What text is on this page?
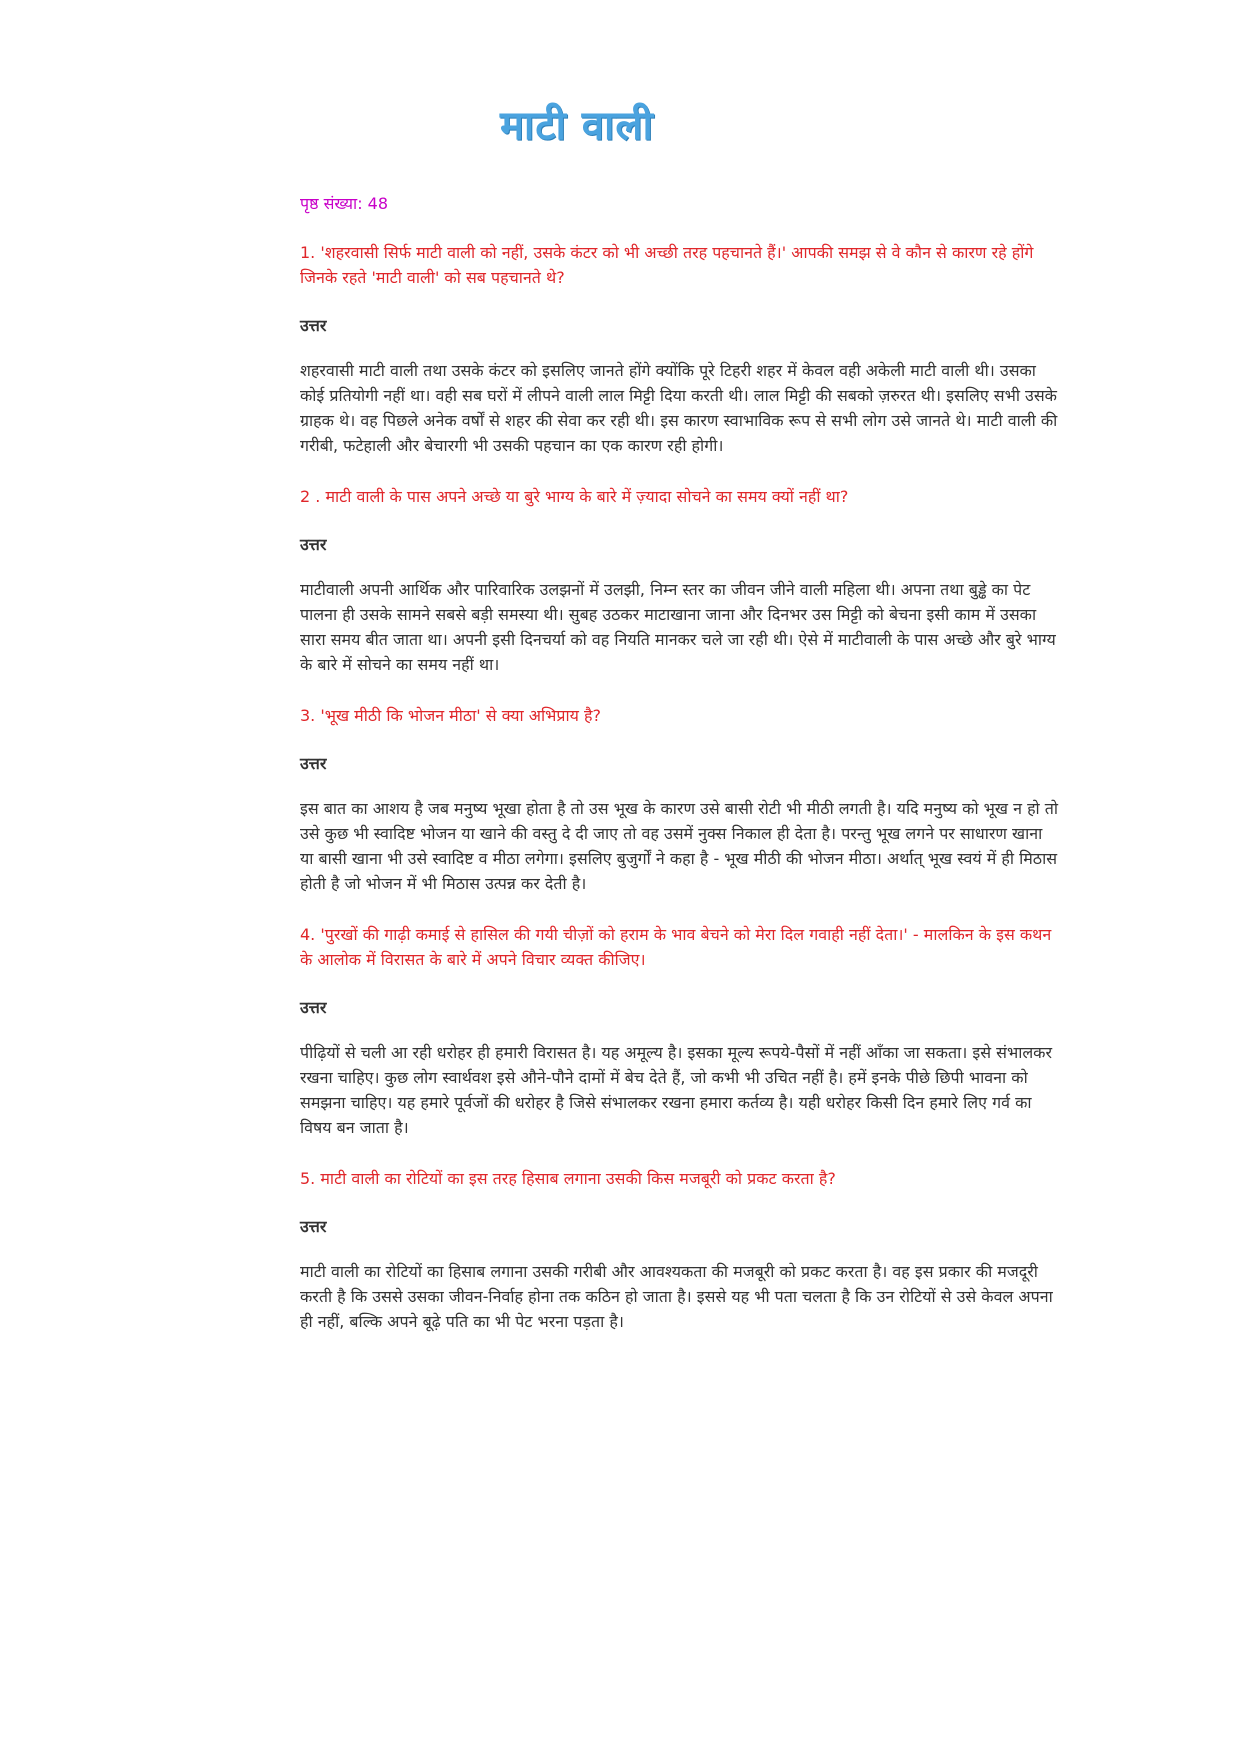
माटी वाली
पृष्ठ संख्या: 48

1. 'शहरवासी सिर्फ माटी वाली को नहीं, उसके कंटर को भी अच्छी तरह पहचानते हैं।' आपकी समझ से वे कौन से कारण रहे होंगे जिनके रहते 'माटी वाली' को सब पहचानते थे?

उत्तर
शहरवासी माटी वाली तथा उसके कंटर को इसलिए जानते होंगे क्योंकि पूरे टिहरी शहर में केवल वही अकेली माटी वाली थी। उसका कोई प्रतियोगी नहीं था। वही सब घरों में लीपने वाली लाल मिट्टी दिया करती थी। लाल मिट्टी की सबको ज़रुरत थी। इसलिए सभी उसके ग्राहक थे। वह पिछले अनेक वर्षों से शहर की सेवा कर रही थी। इस कारण स्वाभाविक रूप से सभी लोग उसे जानते थे। माटी वाली की गरीबी, फटेहाली और बेचारगी भी उसकी पहचान का एक कारण रही होगी।

2 . माटी वाली के पास अपने अच्छे या बुरे भाग्य के बारे में ज़्यादा सोचने का समय क्यों नहीं था?

उत्तर
माटीवाली अपनी आर्थिक और पारिवारिक उलझनों में उलझी, निम्न स्तर का जीवन जीने वाली महिला थी। अपना तथा बुड्ढे का पेट पालना ही उसके सामने सबसे बड़ी समस्या थी। सुबह उठकर माटाखाना जाना और दिनभर उस मिट्टी को बेचना इसी काम में उसका सारा समय बीत जाता था। अपनी इसी दिनचर्या को वह नियति मानकर चले जा रही थी। ऐसे में माटीवाली के पास अच्छे और बुरे भाग्य के बारे में सोचने का समय नहीं था।

3. 'भूख मीठी कि भोजन मीठा' से क्या अभिप्राय है?

उत्तर
इस बात का आशय है जब मनुष्य भूखा होता है तो उस भूख के कारण उसे बासी रोटी भी मीठी लगती है। यदि मनुष्य को भूख न हो तो उसे कुछ भी स्वादिष्ट भोजन या खाने की वस्तु दे दी जाए तो वह उसमें नुक्स निकाल ही देता है। परन्तु भूख लगने पर साधारण खाना या बासी खाना भी उसे स्वादिष्ट व मीठा लगेगा। इसलिए बुजुर्गों ने कहा है - भूख मीठी की भोजन मीठा। अर्थात् भूख स्वयं में ही मिठास होती है जो भोजन में भी मिठास उत्पन्न कर देती है।

4. 'पुरखों की गाढ़ी कमाई से हासिल की गयी चीज़ों को हराम के भाव बेचने को मेरा दिल गवाही नहीं देता।' - मालकिन के इस कथन के आलोक में विरासत के बारे में अपने विचार व्यक्त कीजिए।

उत्तर
पीढ़ियों से चली आ रही धरोहर ही हमारी विरासत है। यह अमूल्य है। इसका मूल्य रूपये-पैसों में नहीं आँका जा सकता। इसे संभालकर रखना चाहिए। कुछ लोग स्वार्थवश इसे औने-पौने दामों में बेच देते हैं, जो कभी भी उचित नहीं है। हमें इनके पीछे छिपी भावना को समझना चाहिए। यह हमारे पूर्वजों की धरोहर है जिसे संभालकर रखना हमारा कर्तव्य है। यही धरोहर किसी दिन हमारे लिए गर्व का विषय बन जाता है।

5. माटी वाली का रोटियों का इस तरह हिसाब लगाना उसकी किस मजबूरी को प्रकट करता है?

उत्तर
माटी वाली का रोटियों का हिसाब लगाना उसकी गरीबी और आवश्यकता की मजबूरी को प्रकट करता है। वह इस प्रकार की मजदूरी करती है कि उससे उसका जीवन-निर्वाह होना तक कठिन हो जाता है। इससे यह भी पता चलता है कि उन रोटियों से उसे केवल अपना ही नहीं, बल्कि अपने बूढ़े पति का भी पेट भरना पड़ता है।
